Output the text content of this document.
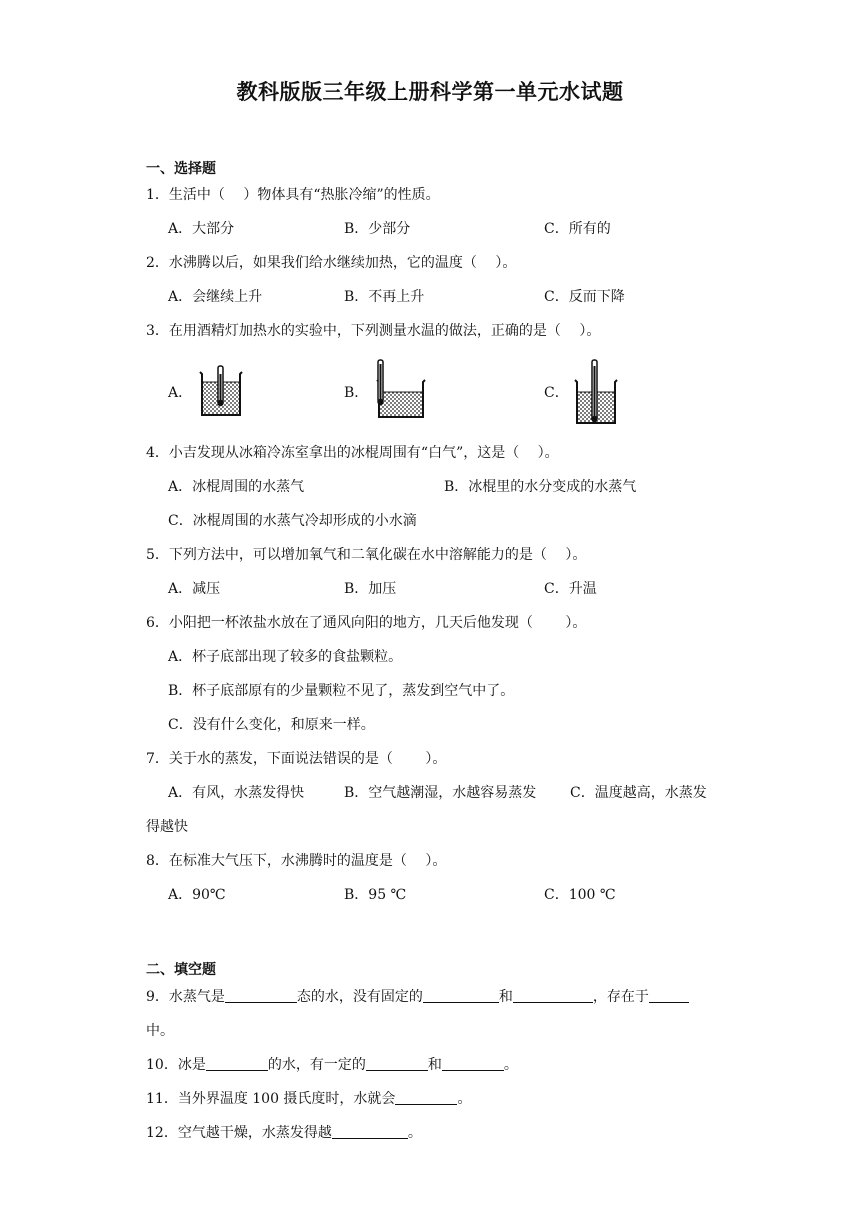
教科版版三年级上册科学第一单元水试题
一、选择题
1．生活中（　 ）物体具有“热胀冷缩”的性质。
A．大部分	B．少部分	C．所有的
2．水沸腾以后，如果我们给水继续加热，它的温度（　 ）。
A．会继续上升	B．不再上升	C．反而下降
3．在用酒精灯加热水的实验中，下列测量水温的做法，正确的是（　 ）。
A．	B．	C．
4．小吉发现从冰箱冷冻室拿出的冰棍周围有“白气”，这是（　 ）。
A．冰棍周围的水蒸气	B．冰棍里的水分变成的水蒸气
C．冰棍周围的水蒸气冷却形成的小水滴
5．下列方法中，可以增加氧气和二氧化碳在水中溶解能力的是（　 ）。
A．减压	B．加压	C．升温
6．小阳把一杯浓盐水放在了通风向阳的地方，几天后他发现（　　 ）。
A．杯子底部出现了较多的食盐颗粒。
B．杯子底部原有的少量颗粒不见了，蒸发到空气中了。
C．没有什么变化，和原来一样。
7．关于水的蒸发，下面说法错误的是（　　 ）。
A．有风，水蒸发得快	B．空气越潮湿，水越容易蒸发 C．温度越高，水蒸发
得越快
8．在标准大气压下，水沸腾时的温度是（　 ）。
A．90℃	B．95 ℃	C．100 ℃
二、填空题
9．水蒸气是	态的水，没有固定的	和	，存在于
中。
10．冰是	的水，有一定的	和	。
11．当外界温度 100 摄氏度时，水就会	。
12．空气越干燥，水蒸发得越	。
